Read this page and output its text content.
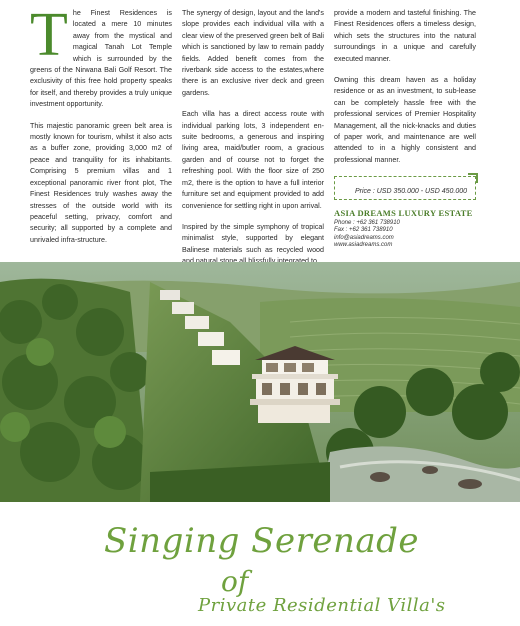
The Finest Residences is located a mere 10 minutes away from the mystical and magical Tanah Lot Temple which is surrounded by the greens of the Nirwana Bali Golf Resort. The exclusivity of this free hold property speaks for itself, and thereby provides a truly unique investment opportunity.

This majestic panoramic green belt area is mostly known for tourism, whilst it also acts as a buffer zone, providing 3,000 m2 of peace and tranquility for its inhabitants. Comprising 5 premium villas and 1 exceptional panoramic river front plot, The Finest Residences truly washes away the stresses of the outside world with its peaceful setting, privacy, comfort and security; all supported by a complete and unrivaled infra-structure.

The synergy of design, layout and the land's slope provides each individual villa with a clear view of the preserved green belt of Bali which is sanctioned by law to remain paddy fields. Added benefit comes from the riverbank side access to the estates,where there is an exclusive river deck and green gardens.

Each villa has a direct access route with individual parking lots, 3 independent en-suite bedrooms, a generous and inspiring living area, maid/butler room, a gracious garden and of course not to forget the refreshing pool. With the floor size of 250 m2, there is the option to have a full interior furniture set and equipment provided to add convenience for settling right in upon arrival.

Inspired by the simple symphony of tropical minimalist style, supported by elegant Balinese materials such as recycled wood

provide a modern and tasteful finishing. The Finest Residences offers a timeless design, which sets the structures into the natural surroundings in a unique and carefully executed manner.

Owning this dream haven as a holiday residence or as an investment, to sub-lease can be completely hassle free with the professional services of Premier Hospitality Management, all the nick-knacks and duties of paper work, and maintenance are well attended to in a highly consistent and professional manner.

Price : USD 350.000 - USD 450.000
ASIA DREAMS LUXURY ESTATE
Phone : +62 361 738910
Fax : +62 361 738910
info@asiadreams.com
www.asiadreams.com
Singing Serenade
of
Private Residential Villa's
